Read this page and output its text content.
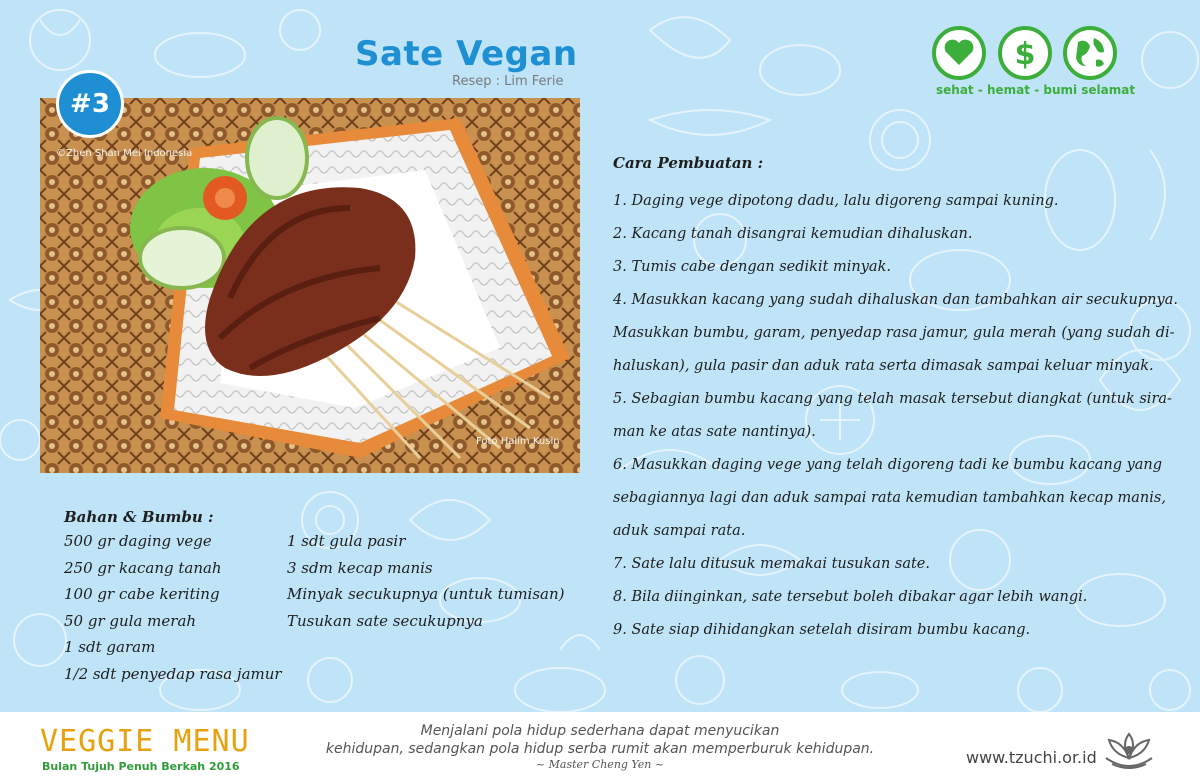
Sate Vegan
Resep : Lim Ferie
#3
©Zhen Shan Mei Indonesia
Foto Halim Kusin
$
sehat - hemat - bumi selamat
Bahan & Bumbu :
500 gr daging vege
250 gr kacang tanah
100 gr cabe keriting
50 gr gula merah
1 sdt garam
1/2 sdt penyedap rasa jamur
1 sdt gula pasir
3 sdm kecap manis
Minyak secukupnya (untuk tumisan)
Tusukan sate secukupnya
Cara Pembuatan :
1. Daging vege dipotong dadu, lalu digoreng sampai kuning.
2. Kacang tanah disangrai kemudian dihaluskan.
3. Tumis cabe dengan sedikit minyak.
4. Masukkan kacang yang sudah dihaluskan dan tambahkan air secukupnya.
Masukkan bumbu, garam, penyedap rasa jamur, gula merah (yang sudah di-
haluskan), gula pasir dan aduk rata serta dimasak sampai keluar minyak.
5. Sebagian bumbu kacang yang telah masak tersebut diangkat (untuk sira-
man ke atas sate nantinya).
6. Masukkan daging vege yang telah digoreng tadi ke bumbu kacang yang
sebagiannya lagi dan aduk sampai rata kemudian tambahkan kecap manis,
aduk sampai rata.
7. Sate lalu ditusuk memakai tusukan sate.
8. Bila diinginkan, sate tersebut boleh dibakar agar lebih wangi.
9. Sate siap dihidangkan setelah disiram bumbu kacang.
VEGGIE MENU
Bulan Tujuh Penuh Berkah 2016
Menjalani pola hidup sederhana dapat menyucikan
kehidupan, sedangkan pola hidup serba rumit akan memperburuk kehidupan.
~ Master Cheng Yen ~	www.tzuchi.or.id
